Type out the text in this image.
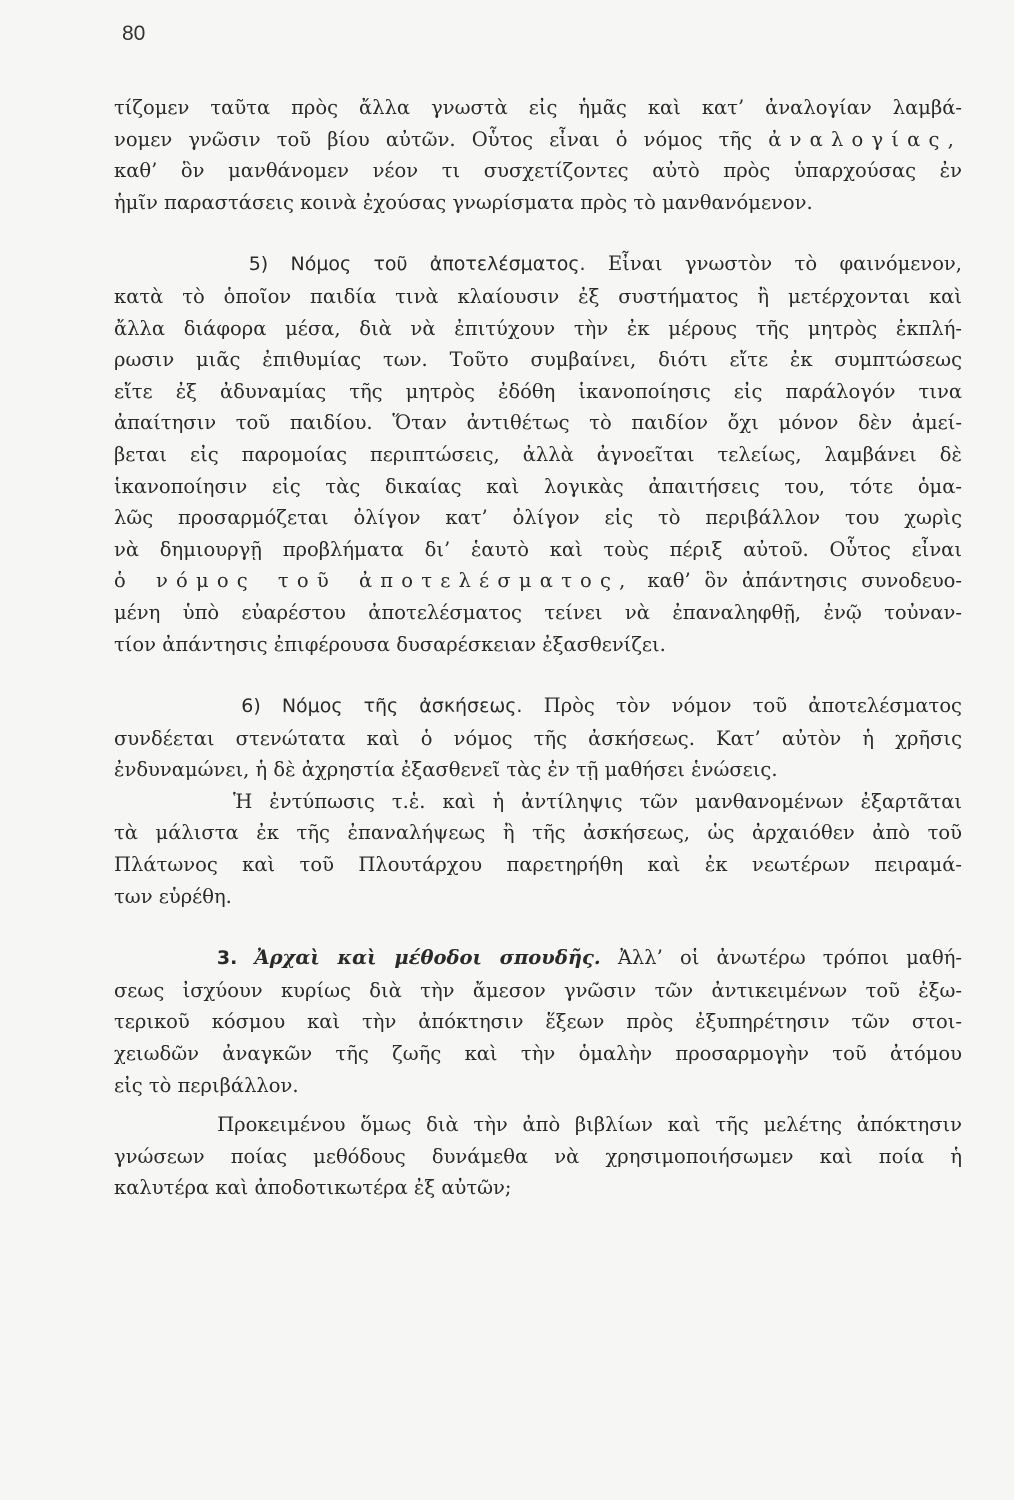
80

τίζομεν ταῦτα πρὸς ἄλλα γνωστὰ εἰς ἡμᾶς καὶ κατ’ ἀναλογίαν λαμβά-
νομεν γνῶσιν τοῦ βίου αὐτῶν. Οὗτος εἶναι ὁ νόμος τῆς ἀναλογίας,
καθ’ ὃν μανθάνομεν νέον τι συσχετίζοντες αὐτὸ πρὸς ὑπαρχούσας ἐν
ἡμῖν παραστάσεις κοινὰ ἐχούσας γνωρίσματα πρὸς τὸ μανθανόμενον.

5) Νόμος τοῦ ἀποτελέσματος. Εἶναι γνωστὸν τὸ φαινόμενον,
κατὰ τὸ ὁποῖον παιδία τινὰ κλαίουσιν ἐξ συστήματος ἢ μετέρχονται καὶ
ἄλλα διάφορα μέσα, διὰ νὰ ἐπιτύχουν τὴν ἐκ μέρους τῆς μητρὸς ἐκπλή-
ρωσιν μιᾶς ἐπιθυμίας των. Τοῦτο συμβαίνει, διότι εἴτε ἐκ συμπτώσεως
εἴτε ἐξ ἀδυναμίας τῆς μητρὸς ἐδόθη ἱκανοποίησις εἰς παράλογόν τινα
ἀπαίτησιν τοῦ παιδίου. Ὅταν ἀντιθέτως τὸ παιδίον ὄχι μόνον δὲν ἀμεί-
βεται εἰς παρομοίας περιπτώσεις, ἀλλὰ ἀγνοεῖται τελείως, λαμβάνει δὲ
ἱκανοποίησιν εἰς τὰς δικαίας καὶ λογικὰς ἀπαιτήσεις του, τότε ὁμα-
λῶς προσαρμόζεται ὀλίγον κατ’ ὀλίγον εἰς τὸ περιβάλλον του χωρὶς
νὰ δημιουργῇ προβλήματα δι’ ἑαυτὸ καὶ τοὺς πέριξ αὐτοῦ. Οὗτος εἶναι
ὁ νόμος τοῦ ἀποτελέσματος, καθ’ ὃν ἀπάντησις συνοδευο-
μένη ὑπὸ εὐαρέστου ἀποτελέσματος τείνει νὰ ἐπαναληφθῇ, ἐνῷ τοὐναν-
τίον ἀπάντησις ἐπιφέρουσα δυσαρέσκειαν ἐξασθενίζει.

6) Νόμος τῆς ἀσκήσεως. Πρὸς τὸν νόμον τοῦ ἀποτελέσματος
συνδέεται στενώτατα καὶ ὁ νόμος τῆς ἀσκήσεως. Κατ’ αὐτὸν ἡ χρῆσις
ἐνδυναμώνει, ἡ δὲ ἀχρηστία ἐξασθενεῖ τὰς ἐν τῇ μαθήσει ἑνώσεις.

Ἡ ἐντύπωσις τ.ἑ. καὶ ἡ ἀντίληψις τῶν μανθανομένων ἐξαρτᾶται
τὰ μάλιστα ἐκ τῆς ἐπαναλήψεως ἢ τῆς ἀσκήσεως, ὡς ἀρχαιόθεν ἀπὸ τοῦ
Πλάτωνος καὶ τοῦ Πλουτάρχου παρετηρήθη καὶ ἐκ νεωτέρων πειραμά-
των εὑρέθη.

3. Ἀρχαὶ καὶ μέθοδοι σπουδῆς. Ἀλλ’ οἱ ἀνωτέρω τρόποι μαθή-
σεως ἰσχύουν κυρίως διὰ τὴν ἄμεσον γνῶσιν τῶν ἀντικειμένων τοῦ ἐξω-
τερικοῦ κόσμου καὶ τὴν ἀπόκτησιν ἕξεων πρὸς ἐξυπηρέτησιν τῶν στοι-
χειωδῶν ἀναγκῶν τῆς ζωῆς καὶ τὴν ὁμαλὴν προσαρμογὴν τοῦ ἀτόμου
εἰς τὸ περιβάλλον.

Προκειμένου ὅμως διὰ τὴν ἀπὸ βιβλίων καὶ τῆς μελέτης ἀπόκτησιν
γνώσεων ποίας μεθόδους δυνάμεθα νὰ χρησιμοποιήσωμεν καὶ ποία ἡ
καλυτέρα καὶ ἀποδοτικωτέρα ἐξ αὐτῶν;
